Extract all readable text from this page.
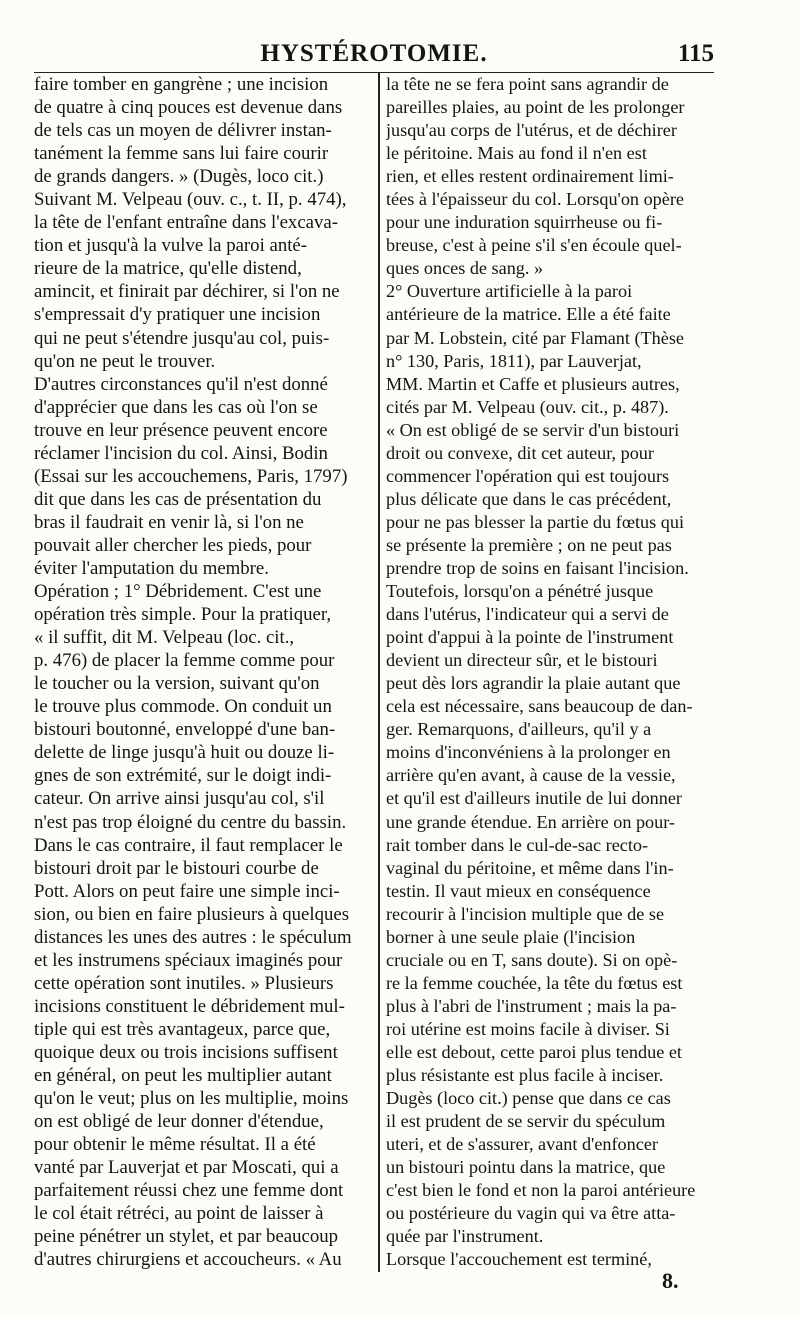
HYSTÉROTOMIE.	115
faire tomber en gangrène ; une incision
de quatre à cinq pouces est devenue dans
de tels cas un moyen de délivrer instan-
tanément la femme sans lui faire courir
de grands dangers. » (Dugès, loco cit.)
Suivant M. Velpeau (ouv. c., t. II, p. 474),
la tête de l'enfant entraîne dans l'excava-
tion et jusqu'à la vulve la paroi anté-
rieure de la matrice, qu'elle distend,
amincit, et finirait par déchirer, si l'on ne
s'empressait d'y pratiquer une incision
qui ne peut s'étendre jusqu'au col, puis-
qu'on ne peut le trouver.
D'autres circonstances qu'il n'est donné
d'apprécier que dans les cas où l'on se
trouve en leur présence peuvent encore
réclamer l'incision du col. Ainsi, Bodin
(Essai sur les accouchemens, Paris, 1797)
dit que dans les cas de présentation du
bras il faudrait en venir là, si l'on ne
pouvait aller chercher les pieds, pour
éviter l'amputation du membre.
Opération ; 1° Débridement. C'est une
opération très simple. Pour la pratiquer,
« il suffit, dit M. Velpeau (loc. cit.,
p. 476) de placer la femme comme pour
le toucher ou la version, suivant qu'on
le trouve plus commode. On conduit un
bistouri boutonné, enveloppé d'une ban-
delette de linge jusqu'à huit ou douze li-
gnes de son extrémité, sur le doigt indi-
cateur. On arrive ainsi jusqu'au col, s'il
n'est pas trop éloigné du centre du bassin.
Dans le cas contraire, il faut remplacer le
bistouri droit par le bistouri courbe de
Pott. Alors on peut faire une simple inci-
sion, ou bien en faire plusieurs à quelques
distances les unes des autres : le spéculum
et les instrumens spéciaux imaginés pour
cette opération sont inutiles. » Plusieurs
incisions constituent le débridement mul-
tiple qui est très avantageux, parce que,
quoique deux ou trois incisions suffisent
en général, on peut les multiplier autant
qu'on le veut; plus on les multiplie, moins
on est obligé de leur donner d'étendue,
pour obtenir le même résultat. Il a été
vanté par Lauverjat et par Moscati, qui a
parfaitement réussi chez une femme dont
le col était rétréci, au point de laisser à
peine pénétrer un stylet, et par beaucoup
d'autres chirurgiens et accoucheurs. « Au
la tête ne se fera point sans agrandir de
pareilles plaies, au point de les prolonger
jusqu'au corps de l'utérus, et de déchirer
le péritoine. Mais au fond il n'en est
rien, et elles restent ordinairement limi-
tées à l'épaisseur du col. Lorsqu'on opère
pour une induration squirrheuse ou fi-
breuse, c'est à peine s'il s'en écoule quel-
ques onces de sang. »
2° Ouverture artificielle à la paroi
antérieure de la matrice. Elle a été faite
par M. Lobstein, cité par Flamant (Thèse
n° 130, Paris, 1811), par Lauverjat,
MM. Martin et Caffe et plusieurs autres,
cités par M. Velpeau (ouv. cit., p. 487).
« On est obligé de se servir d'un bistouri
droit ou convexe, dit cet auteur, pour
commencer l'opération qui est toujours
plus délicate que dans le cas précédent,
pour ne pas blesser la partie du fœtus qui
se présente la première ; on ne peut pas
prendre trop de soins en faisant l'incision.
Toutefois, lorsqu'on a pénétré jusque
dans l'utérus, l'indicateur qui a servi de
point d'appui à la pointe de l'instrument
devient un directeur sûr, et le bistouri
peut dès lors agrandir la plaie autant que
cela est nécessaire, sans beaucoup de dan-
ger. Remarquons, d'ailleurs, qu'il y a
moins d'inconvéniens à la prolonger en
arrière qu'en avant, à cause de la vessie,
et qu'il est d'ailleurs inutile de lui donner
une grande étendue. En arrière on pour-
rait tomber dans le cul-de-sac recto-
vaginal du péritoine, et même dans l'in-
testin. Il vaut mieux en conséquence
recourir à l'incision multiple que de se
borner à une seule plaie (l'incision
cruciale ou en T, sans doute). Si on opè-
re la femme couchée, la tête du fœtus est
plus à l'abri de l'instrument ; mais la pa-
roi utérine est moins facile à diviser. Si
elle est debout, cette paroi plus tendue et
plus résistante est plus facile à inciser.
Dugès (loco cit.) pense que dans ce cas
il est prudent de se servir du spéculum
uteri, et de s'assurer, avant d'enfoncer
un bistouri pointu dans la matrice, que
c'est bien le fond et non la paroi antérieure
ou postérieure du vagin qui va être atta-
quée par l'instrument.
Lorsque l'accouchement est terminé,
8.
